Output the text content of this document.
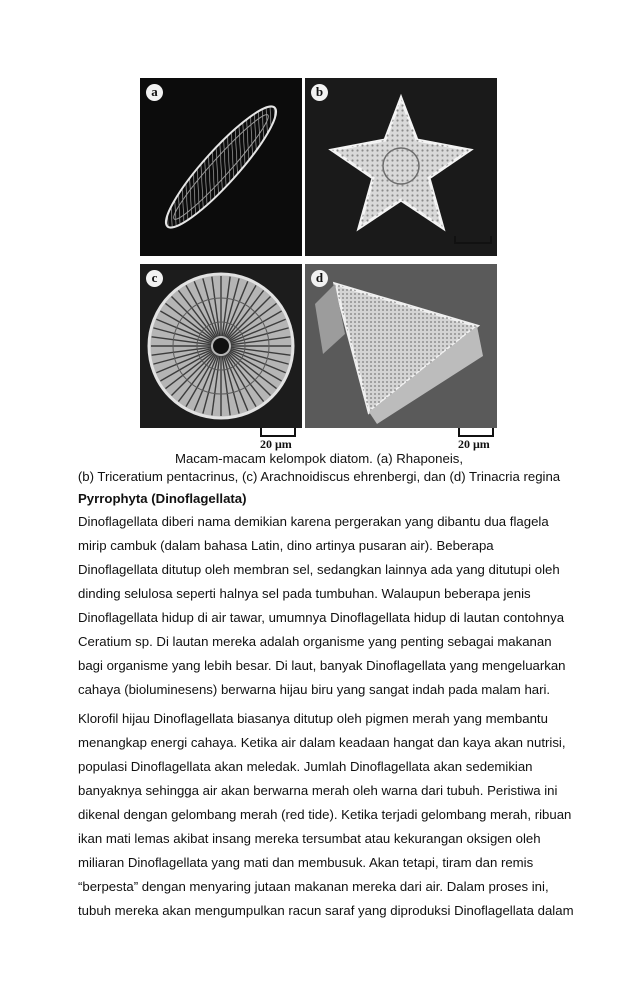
a	b
c	d
20 μm	20 μm
Macam-macam kelompok diatom. (a) Rhaponeis,
(b) Triceratium pentacrinus, (c) Arachnoidiscus ehrenbergi, dan (d) Trinacria regina
Pyrrophyta (Dinoflagellata)
Dinoflagellata diberi nama demikian karena pergerakan yang dibantu dua flagela
mirip cambuk (dalam bahasa Latin, dino artinya pusaran air). Beberapa
Dinoflagellata ditutup oleh membran sel, sedangkan lainnya ada yang ditutupi oleh
dinding selulosa seperti halnya sel pada tumbuhan. Walaupun beberapa jenis
Dinoflagellata hidup di air tawar, umumnya Dinoflagellata hidup di lautan contohnya
Ceratium sp. Di lautan mereka adalah organisme yang penting sebagai makanan
bagi organisme yang lebih besar. Di laut, banyak Dinoflagellata yang mengeluarkan
cahaya (bioluminesens) berwarna hijau biru yang sangat indah pada malam hari.
Klorofil hijau Dinoflagellata biasanya ditutup oleh pigmen merah yang membantu
menangkap energi cahaya. Ketika air dalam keadaan hangat dan kaya akan nutrisi,
populasi Dinoflagellata akan meledak. Jumlah Dinoflagellata akan sedemikian
banyaknya sehingga air akan berwarna merah oleh warna dari tubuh. Peristiwa ini
dikenal dengan gelombang merah (red tide). Ketika terjadi gelombang merah, ribuan
ikan mati lemas akibat insang mereka tersumbat atau kekurangan oksigen oleh
miliaran Dinoflagellata yang mati dan membusuk. Akan tetapi, tiram dan remis
“berpesta” dengan menyaring jutaan makanan mereka dari air. Dalam proses ini,
tubuh mereka akan mengumpulkan racun saraf yang diproduksi Dinoflagellata dalam
